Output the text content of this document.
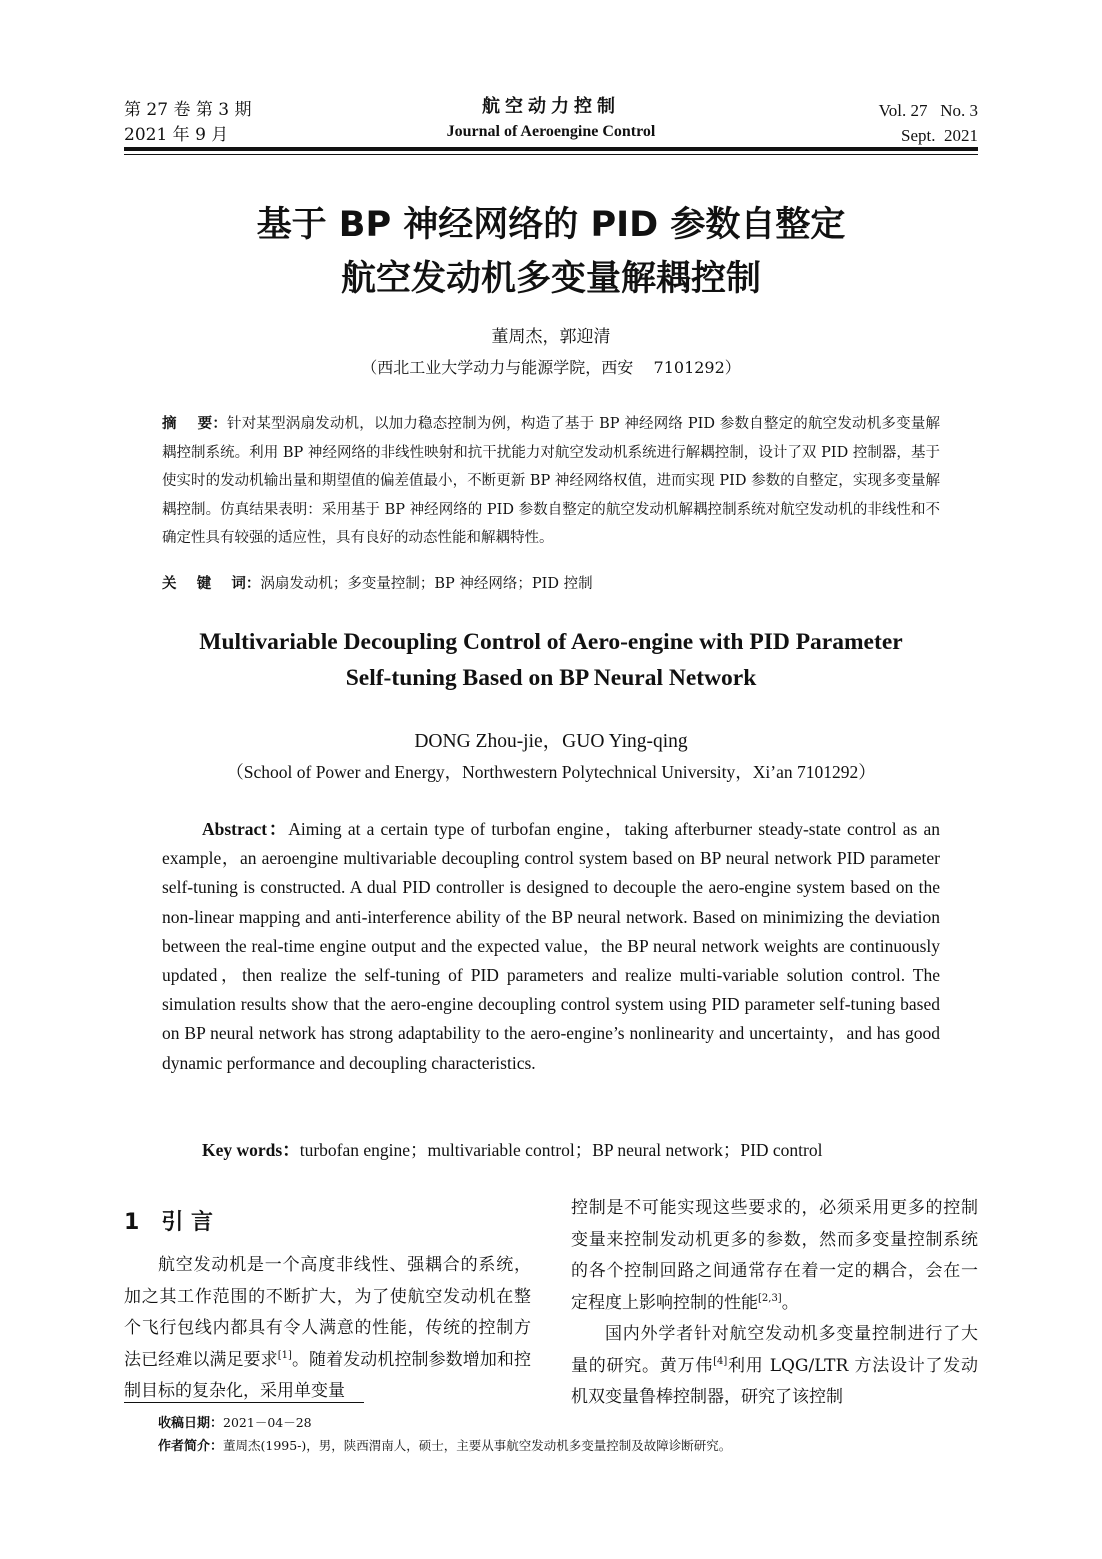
第 27 卷 第 3 期
2021 年 9 月
航空动力控制
Journal of Aeroengine Control
Vol. 27   No. 3
Sept.  2021
基于 BP 神经网络的 PID 参数自整定
航空发动机多变量解耦控制
董周杰，郭迎清
（西北工业大学动力与能源学院，西安    7101292）
摘    要：针对某型涡扇发动机，以加力稳态控制为例，构造了基于 BP 神经网络 PID 参数自整定的航空发动机多变量解耦控制系统。利用 BP 神经网络的非线性映射和抗干扰能力对航空发动机系统进行解耦控制，设计了双 PID 控制器，基于使实时的发动机输出量和期望值的偏差值最小，不断更新 BP 神经网络权值，进而实现 PID 参数的自整定，实现多变量解耦控制。仿真结果表明：采用基于 BP 神经网络的 PID 参数自整定的航空发动机解耦控制系统对航空发动机的非线性和不确定性具有较强的适应性，具有良好的动态性能和解耦特性。
关    键    词：涡扇发动机；多变量控制；BP 神经网络；PID 控制
Multivariable Decoupling Control of Aero-engine with PID Parameter
Self-tuning Based on BP Neural Network
DONG Zhou-jie，GUO Ying-qing
（School of Power and Energy，Northwestern Polytechnical University，Xi’an 7101292）
Abstract：Aiming at a certain type of turbofan engine，taking afterburner steady-state control as an example，an aeroengine multivariable decoupling control system based on BP neural network PID parameter self-tuning is constructed. A dual PID controller is designed to decouple the aero-engine system based on the non-linear mapping and anti-interference ability of the BP neural network. Based on minimizing the deviation between the real-time engine output and the expected value，the BP neural network weights are continuously updated，then realize the self-tuning of PID parameters and realize multi-variable solution control. The simulation results show that the aero-engine decoupling control system using PID parameter self-tuning based on BP neural network has strong adaptability to the aero-engine’s nonlinearity and uncertainty，and has good dynamic performance and decoupling characteristics.
Key words：turbofan engine；multivariable control；BP neural network；PID control
1 引 言
航空发动机是一个高度非线性、强耦合的系统，加之其工作范围的不断扩大，为了使航空发动机在整个飞行包线内都具有令人满意的性能，传统的控制方法已经难以满足要求[1]。随着发动机控制参数增加和控制目标的复杂化，采用单变量

控制是不可能实现这些要求的，必须采用更多的控制变量来控制发动机更多的参数，然而多变量控制系统的各个控制回路之间通常存在着一定的耦合，会在一定程度上影响控制的性能[2,3]。

国内外学者针对航空发动机多变量控制进行了大量的研究。黄万伟[4]利用 LQG/LTR 方法设计了发动机双变量鲁棒控制器，研究了该控制

收稿日期：2021－04－28
作者简介：董周杰(1995-)，男，陕西渭南人，硕士，主要从事航空发动机多变量控制及故障诊断研究。
